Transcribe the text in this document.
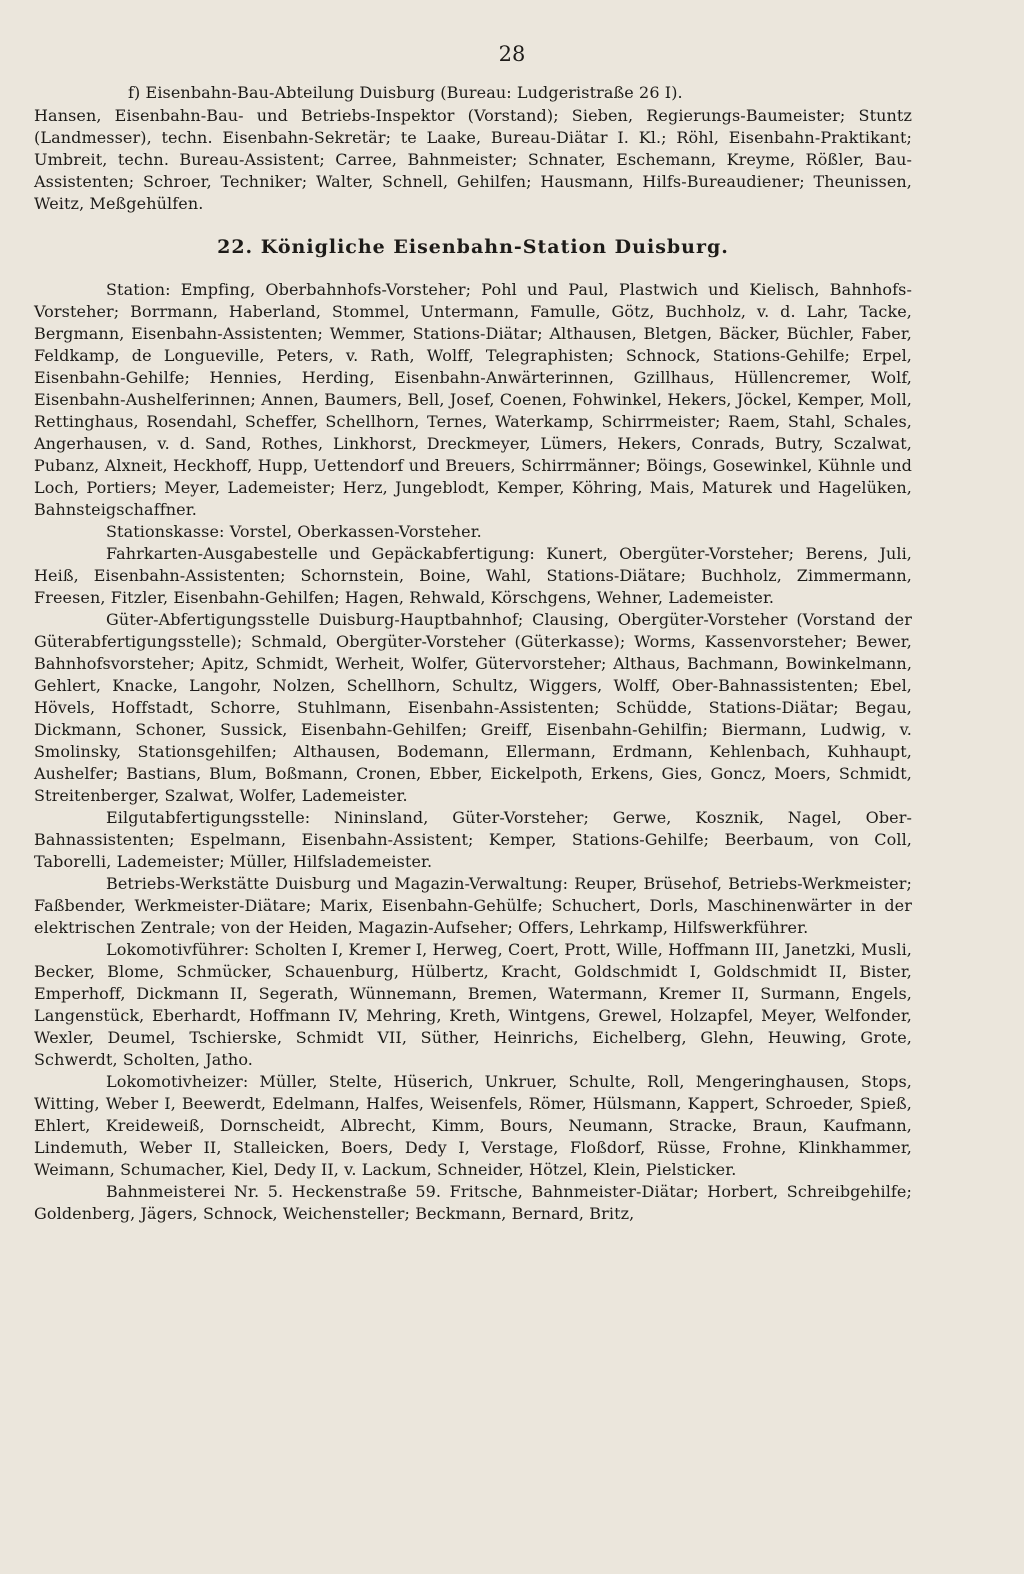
28

f) Eisenbahn-Bau-Abteilung Duisburg (Bureau: Ludgeristraße 26 I).

Hansen, Eisenbahn-Bau- und Betriebs-Inspektor (Vorstand); Sieben, Regierungs-Baumeister; Stuntz (Landmesser), techn. Eisenbahn-Sekretär; te Laake, Bureau-Diätar I. Kl.; Röhl, Eisenbahn-Praktikant; Umbreit, techn. Bureau-Assistent; Carree, Bahnmeister; Schnater, Eschemann, Kreyme, Rößler, Bau-Assistenten; Schroer, Techniker; Walter, Schnell, Gehilfen; Hausmann, Hilfs-Bureaudiener; Theunissen, Weitz, Meßgehülfen.

22. Königliche Eisenbahn-Station Duisburg.

Station: Empfing, Oberbahnhofs-Vorsteher; Pohl und Paul, Plastwich und Kielisch, Bahnhofs-Vorsteher; Borrmann, Haberland, Stommel, Untermann, Famulle, Götz, Buchholz, v. d. Lahr, Tacke, Bergmann, Eisenbahn-Assistenten; Wemmer, Stations-Diätar; Althausen, Bletgen, Bäcker, Büchler, Faber, Feldkamp, de Longueville, Peters, v. Rath, Wolff, Telegraphisten; Schnock, Stations-Gehilfe; Erpel, Eisenbahn-Gehilfe; Hennies, Herding, Eisenbahn-Anwärterinnen, Gzillhaus, Hüllencremer, Wolf, Eisenbahn-Aushelferinnen; Annen, Baumers, Bell, Josef, Coenen, Fohwinkel, Hekers, Jöckel, Kemper, Moll, Rettinghaus, Rosendahl, Scheffer, Schellhorn, Ternes, Waterkamp, Schirrmeister; Raem, Stahl, Schales, Angerhausen, v. d. Sand, Rothes, Linkhorst, Dreckmeyer, Lümers, Hekers, Conrads, Butry, Sczalwat, Pubanz, Alxneit, Heckhoff, Hupp, Uettendorf und Breuers, Schirrmänner; Böings, Gosewinkel, Kühnle und Loch, Portiers; Meyer, Lademeister; Herz, Jungeblodt, Kemper, Köhring, Mais, Maturek und Hagelüken, Bahnsteigschaffner.

Stationskasse: Vorstel, Oberkassen-Vorsteher.

Fahrkarten-Ausgabestelle und Gepäckabfertigung: Kunert, Obergüter-Vorsteher; Berens, Juli, Heiß, Eisenbahn-Assistenten; Schornstein, Boine, Wahl, Stations-Diätare; Buchholz, Zimmermann, Freesen, Fitzler, Eisenbahn-Gehilfen; Hagen, Rehwald, Körschgens, Wehner, Lademeister.

Güter-Abfertigungsstelle Duisburg-Hauptbahnhof; Clausing, Obergüter-Vorsteher (Vorstand der Güterabfertigungsstelle); Schmald, Obergüter-Vorsteher (Güterkasse); Worms, Kassenvorsteher; Bewer, Bahnhofsvorsteher; Apitz, Schmidt, Werheit, Wolfer, Gütervorsteher; Althaus, Bachmann, Bowinkelmann, Gehlert, Knacke, Langohr, Nolzen, Schellhorn, Schultz, Wiggers, Wolff, Ober-Bahnassistenten; Ebel, Hövels, Hoffstadt, Schorre, Stuhlmann, Eisenbahn-Assistenten; Schüdde, Stations-Diätar; Begau, Dickmann, Schoner, Sussick, Eisenbahn-Gehilfen; Greiff, Eisenbahn-Gehilfin; Biermann, Ludwig, v. Smolinsky, Stationsgehilfen; Althausen, Bodemann, Ellermann, Erdmann, Kehlenbach, Kuhhaupt, Aushelfer; Bastians, Blum, Boßmann, Cronen, Ebber, Eickelpoth, Erkens, Gies, Goncz, Moers, Schmidt, Streitenberger, Szalwat, Wolfer, Lademeister.

Eilgutabfertigungsstelle: Nininsland, Güter-Vorsteher; Gerwe, Kosznik, Nagel, Ober-Bahnassistenten; Espelmann, Eisenbahn-Assistent; Kemper, Stations-Gehilfe; Beerbaum, von Coll, Taborelli, Lademeister; Müller, Hilfslademeister.

Betriebs-Werkstätte Duisburg und Magazin-Verwaltung: Reuper, Brüsehof, Betriebs-Werkmeister; Faßbender, Werkmeister-Diätare; Marix, Eisenbahn-Gehülfe; Schuchert, Dorls, Maschinenwärter in der elektrischen Zentrale; von der Heiden, Magazin-Aufseher; Offers, Lehrkamp, Hilfswerkführer.

Lokomotivführer: Scholten I, Kremer I, Herweg, Coert, Prott, Wille, Hoffmann III, Janetzki, Musli, Becker, Blome, Schmücker, Schauenburg, Hülbertz, Kracht, Goldschmidt I, Goldschmidt II, Bister, Emperhoff, Dickmann II, Segerath, Wünnemann, Bremen, Watermann, Kremer II, Surmann, Engels, Langenstück, Eberhardt, Hoffmann IV, Mehring, Kreth, Wintgens, Grewel, Holzapfel, Meyer, Welfonder, Wexler, Deumel, Tschierske, Schmidt VII, Süther, Heinrichs, Eichelberg, Glehn, Heuwing, Grote, Schwerdt, Scholten, Jatho.

Lokomotivheizer: Müller, Stelte, Hüserich, Unkruer, Schulte, Roll, Mengeringhausen, Stops, Witting, Weber I, Beewerdt, Edelmann, Halfes, Weisenfels, Römer, Hülsmann, Kappert, Schroeder, Spieß, Ehlert, Kreideweiß, Dornscheidt, Albrecht, Kimm, Bours, Neumann, Stracke, Braun, Kaufmann, Lindemuth, Weber II, Stalleicken, Boers, Dedy I, Verstage, Floßdorf, Rüsse, Frohne, Klinkhammer, Weimann, Schumacher, Kiel, Dedy II, v. Lackum, Schneider, Hötzel, Klein, Pielsticker.

Bahnmeisterei Nr. 5. Heckenstraße 59. Fritsche, Bahnmeister-Diätar; Horbert, Schreibgehilfe; Goldenberg, Jägers, Schnock, Weichensteller; Beckmann, Bernard, Britz,
